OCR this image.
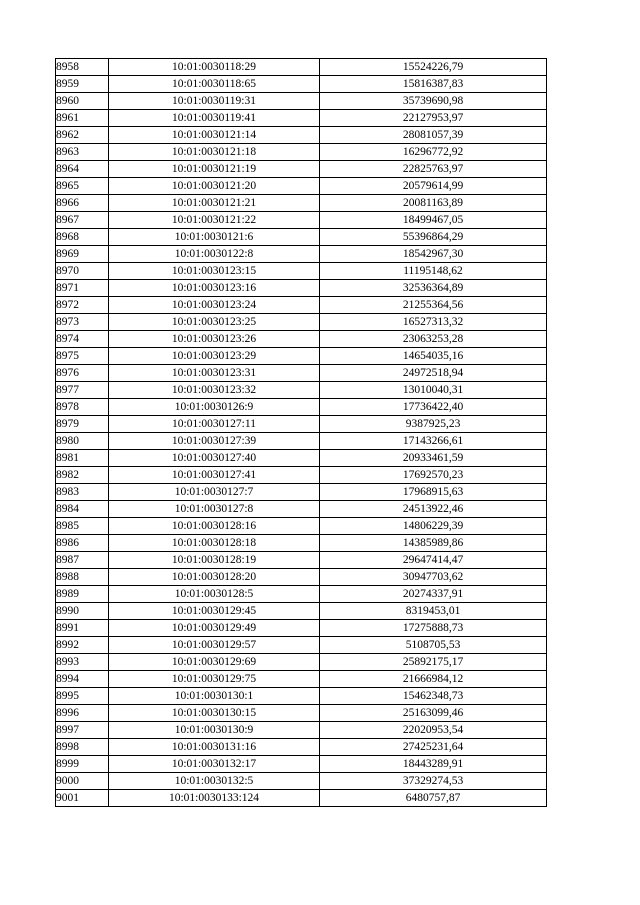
8958	10:01:0030118:29	15524226,79
8959	10:01:0030118:65	15816387,83
8960	10:01:0030119:31	35739690,98
8961	10:01:0030119:41	22127953,97
8962	10:01:0030121:14	28081057,39
8963	10:01:0030121:18	16296772,92
8964	10:01:0030121:19	22825763,97
8965	10:01:0030121:20	20579614,99
8966	10:01:0030121:21	20081163,89
8967	10:01:0030121:22	18499467,05
8968	10:01:0030121:6	55396864,29
8969	10:01:0030122:8	18542967,30
8970	10:01:0030123:15	11195148,62
8971	10:01:0030123:16	32536364,89
8972	10:01:0030123:24	21255364,56
8973	10:01:0030123:25	16527313,32
8974	10:01:0030123:26	23063253,28
8975	10:01:0030123:29	14654035,16
8976	10:01:0030123:31	24972518,94
8977	10:01:0030123:32	13010040,31
8978	10:01:0030126:9	17736422,40
8979	10:01:0030127:11	9387925,23
8980	10:01:0030127:39	17143266,61
8981	10:01:0030127:40	20933461,59
8982	10:01:0030127:41	17692570,23
8983	10:01:0030127:7	17968915,63
8984	10:01:0030127:8	24513922,46
8985	10:01:0030128:16	14806229,39
8986	10:01:0030128:18	14385989,86
8987	10:01:0030128:19	29647414,47
8988	10:01:0030128:20	30947703,62
8989	10:01:0030128:5	20274337,91
8990	10:01:0030129:45	8319453,01
8991	10:01:0030129:49	17275888,73
8992	10:01:0030129:57	5108705,53
8993	10:01:0030129:69	25892175,17
8994	10:01:0030129:75	21666984,12
8995	10:01:0030130:1	15462348,73
8996	10:01:0030130:15	25163099,46
8997	10:01:0030130:9	22020953,54
8998	10:01:0030131:16	27425231,64
8999	10:01:0030132:17	18443289,91
9000	10:01:0030132:5	37329274,53
9001	10:01:0030133:124	6480757,87
